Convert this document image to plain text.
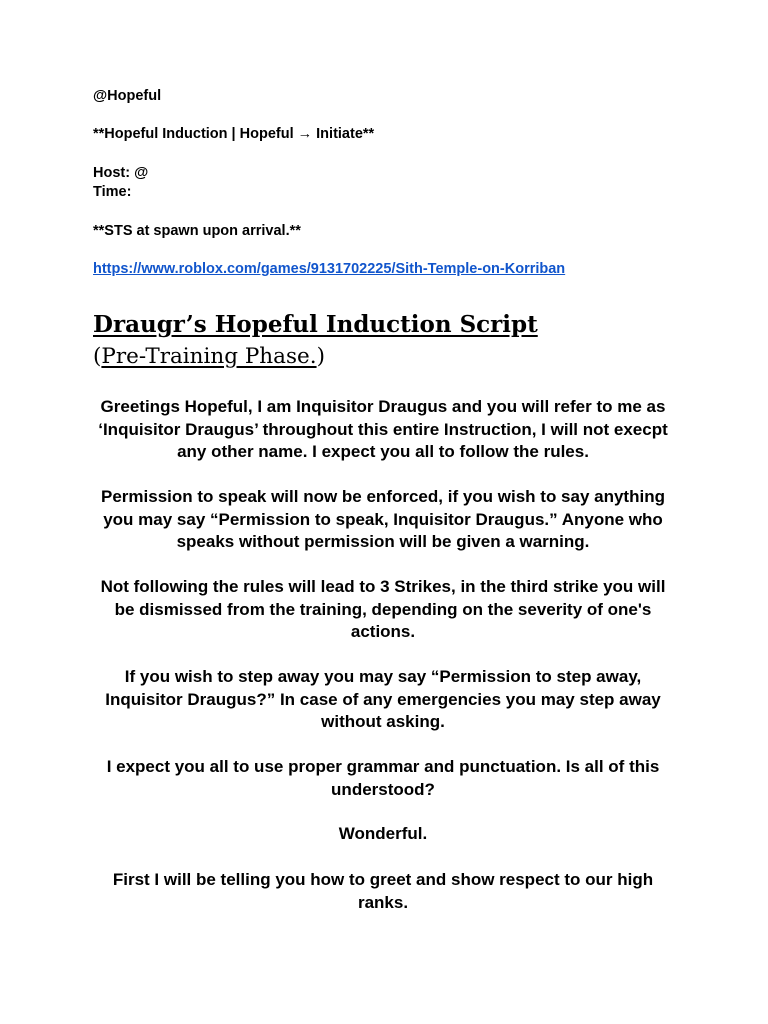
@Hopeful
**Hopeful Induction | Hopeful → Initiate**
Host: @
Time:
**STS at spawn upon arrival.**
https://www.roblox.com/games/9131702225/Sith-Temple-on-Korriban
Draugr’s Hopeful Induction Script
(Pre-Training Phase.)
Greetings Hopeful, I am Inquisitor Draugus and you will refer to me as ‘Inquisitor Draugus’ throughout this entire Instruction, I will not execpt any other name. I expect you all to follow the rules.
Permission to speak will now be enforced, if you wish to say anything you may say “Permission to speak, Inquisitor Draugus.” Anyone who speaks without permission will be given a warning.
Not following the rules will lead to 3 Strikes, in the third strike you will be dismissed from the training, depending on the severity of one's actions.
If you wish to step away you may say “Permission to step away, Inquisitor Draugus?” In case of any emergencies you may step away without asking.
I expect you all to use proper grammar and punctuation. Is all of this understood?
Wonderful.
First I will be telling you how to greet and show respect to our high ranks.
